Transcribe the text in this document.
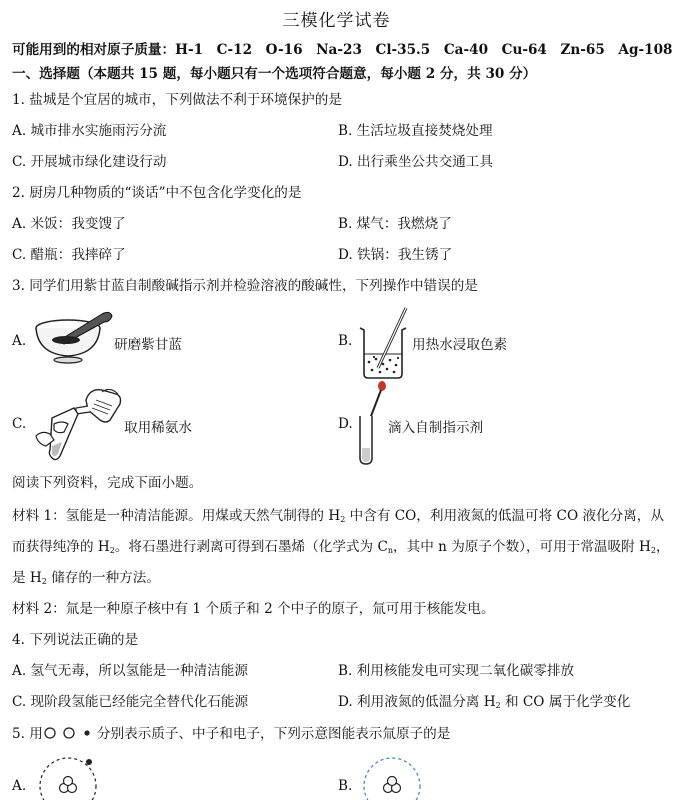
三模化学试卷
可能用到的相对原子质量：H-1　C-12　O-16　Na-23　Cl-35.5　Ca-40　Cu-64　Zn-65　Ag-108
一、选择题（本题共 15 题，每小题只有一个选项符合题意，每小题 2 分，共 30 分）
1. 盐城是个宜居的城市，下列做法不利于环境保护的是
A. 城市排水实施雨污分流	B. 生活垃圾直接焚烧处理
C. 开展城市绿化建设行动	D. 出行乘坐公共交通工具
2. 厨房几种物质的“谈话”中不包含化学变化的是
A. 米饭：我变馊了	B. 煤气：我燃烧了
C. 醋瓶：我摔碎了	D. 铁锅：我生锈了
3. 同学们用紫甘蓝自制酸碱指示剂并检验溶液的酸碱性，下列操作中错误的是
A.	研磨紫甘蓝	B.	用热水浸取色素
C.	取用稀氨水	D.	滴入自制指示剂
阅读下列资料，完成下面小题。
材料 1：氢能是一种清洁能源。用煤或天然气制得的 $H_2$ 中含有 CO，利用液氮的低温可将 CO 液化分离，从
而获得纯净的 $H_2$。将石墨进行剥离可得到石墨烯（化学式为 $C_n$，其中 n 为原子个数），可用于常温吸附 $H_2$，
是 $H_2$ 储存的一种方法。
材料 2：氚是一种原子核中有 1 个质子和 2 个中子的原子，氚可用于核能发电。
4. 下列说法正确的是
A. 氢气无毒，所以氢能是一种清洁能源	B. 利用核能发电可实现二氧化碳零排放
C. 现阶段氢能已经能完全替代化石能源	D. 利用液氮的低温分离 $H_2$ 和 CO 属于化学变化
5. 用	分别表示质子、中子和电子，下列示意图能表示氚原子的是
A.	B.
